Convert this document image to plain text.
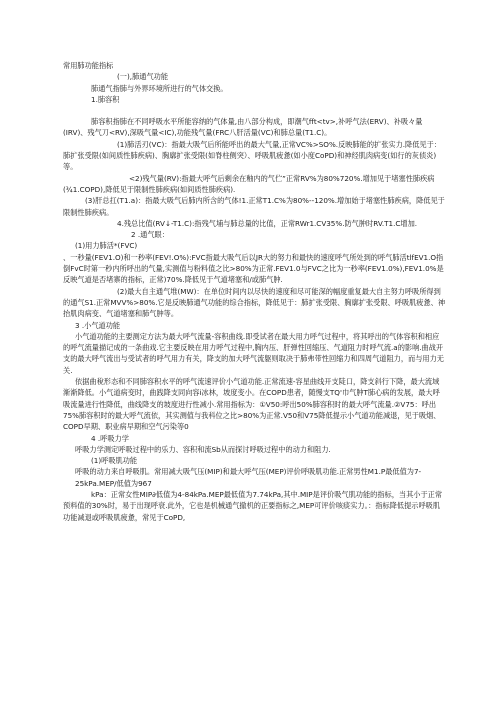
常用肺功能指标

(一),肺通气功能

肺通气指肺与外界环境所进行的气体交换。

1.肺容积

肺容积指肺在不同呼吸水平所能容纳的气体量,由八部分构成，即潮气fft<tv>,补呼气法(ERV)、补吸々量(IRV)、残气刀<RV),深吸气量<IC),功能残气量(FRC八肝活量(VC)和肺总量(T1.C)。

(1)肺活刃(VC)：指最大吸气后所能呼出的最大气量,正常VC%>SO%.反映肺能的扩张实力.降低见于：肺扩张受限(如间质性肺疾病)、胸廓扩张受限(如脊柱侧突）、呼吸肌疲惫(如小度CoPD)和神经肌肉病变(如行的灰侦炎)等。

<2)残气量(RV):指最大呼气后剩余在釉内的气伫”正常RV%为80%720%.增加见于堵塞性肺疾病(¾1.COPD),降低见于限制性肺疾病(如间质性肺疾病).

(3)肝总扛(T1.a)：指最大吸气后肺内所含的气体!1.正常T1.C%为80%--120%.增加始于堵塞性肺疾病，降低见于限制性肺疾病。

4.残总比值(RV↓-T1.C):指残气埔与肺总量的比值，正常RWr1.CV35%.防气肿时RV.T1.C增加.

2 .通气眼：

(1)用力肺活*(FVC)

、一秒量(FEV1.O)和一秒率(FEV!.O%):FVC指最大吸气后以JR大的努力和最快的速度呼气所处到的呼气肺活tlfEV1.O指倒FvC时第一秒内所呼出的气量,实测值与粉料值之比>80%为正常.FEV1.0与FVC之比为一秒率(FEV1.0%),FEV1.0%是反映气道是否堵寨的指标，正常)70%.降低见于气道堵塞和/或肺气肿.

(2)最大自主通气堆(MW)：在单位时间内以尽快的速度和尽可能深的幅度重复最大自主努力呼吸所得到的通气S1.正常MVV%>80%.它是反映肺通气功能的综合指标，降低见于：肺扩张受限、胸廓扩张受限、呼吸肌疲惫、神抬肌肉病变、气道堵塞和肺气肿等。

3 .小气道功能

小气道功能的主要测定方法为最大呼气流量-容积曲线.即受试者在最大用力呼气过程中，将其呼出的气体容积和相应的呼气流量描记成的一条曲戏.它主要反映在用力呼气过程中,胸内压、肝弹性回缩压、气道阻力时呼气流.a的影响.曲战开支的最大呼气流出与受试者的呼气用力有关，降支的加大呼气流躯则取决于肺弗带性回缩力和四周气道阻力，而与用力无关.

依据曲稅形态和不同肺容积水平的呼气流速评价小气道功能.正常流速-容星曲线开支陡口，降支斜行下降，最大流域渐渐降低。小气道病变时，曲践降支同向容i冰林，坡度变小。在COPD患者，随慢支TQ'巾气肿T肺心病的发展，最大呼吸流量进行性降低，曲线降支的坡度进行性减小.常用指标为：①V50:呼出50%肺容积时的最大呼气流量.②V75：呼出75%肺容积时的最大呼气流依，其实测值与我科位之比>80%为正常.V50和V75降低提示小气道功能减退，见于吸烟、COPD早期、职业病早期和空气污染等0

4 .呼吸力学

呼吸力学测定呼吸过程中的乐力、容积和流Sb从而探讨呼吸过程中的动力和阻力.

(1)呼吸肌功能

呼吸的动力来自呼吸肌。常用减大吸气压(MIP)和最大呼气压(MEP)评价呼吸肌功能.正常男性M1.P最低值为7-25kPa.MEP/低值为967

kPa：正常女性MIP∂低值为4-84kPa.MEP最低值为7.74kPa,其中.MIP是评价吸气肌功能的指标，当其小于正常预料值的30%时，易于出现呼衰.此外，它也是机械通气撤机的正要指标之,MEP可评价咳痰实力。：指标降低提示呼吸肌功能减退或呼吸肌疲惫，常见于CoPD,
